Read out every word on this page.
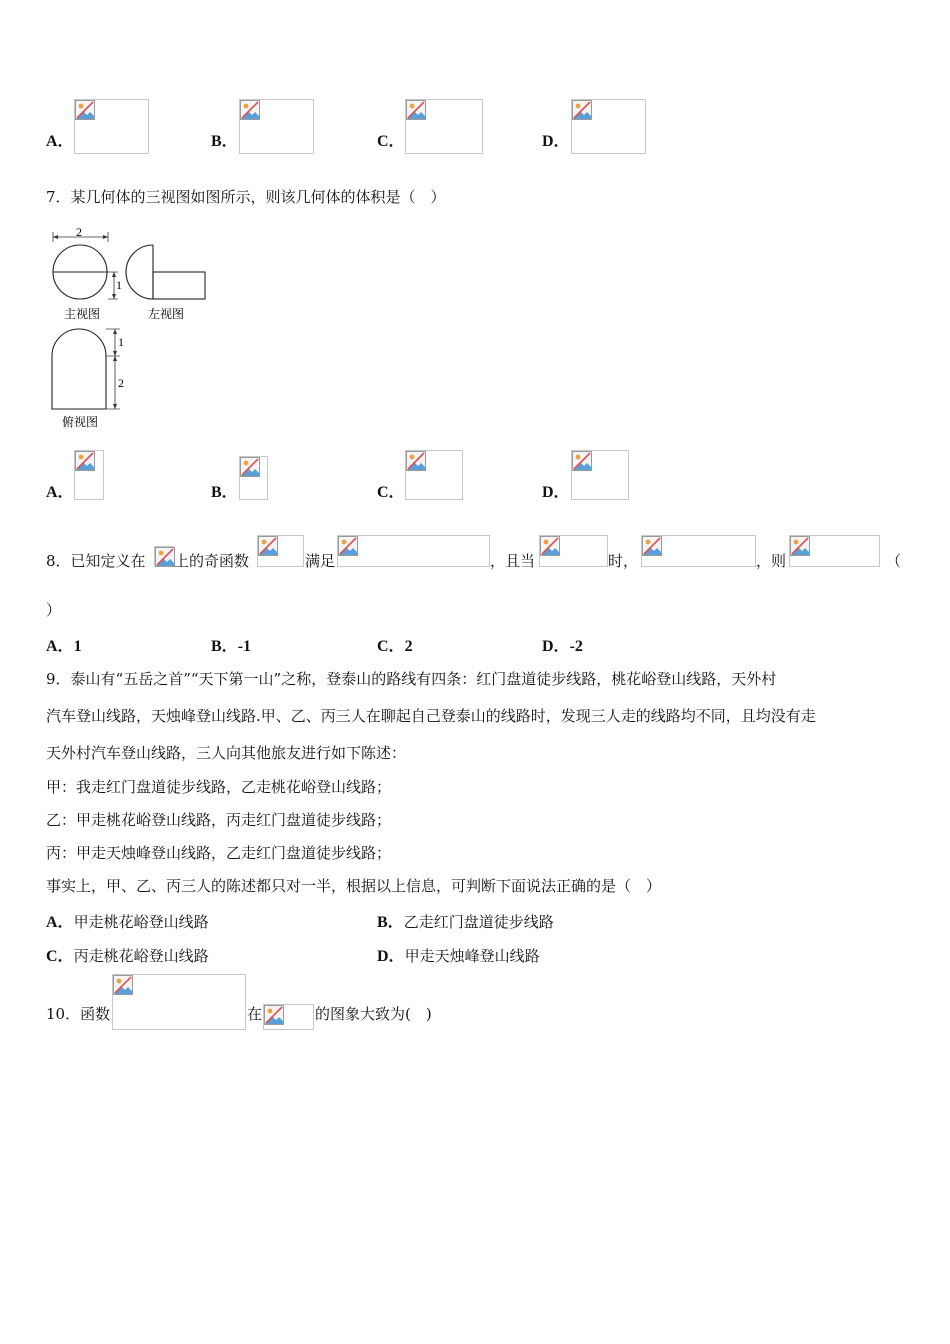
A．	B．	C．	D．
7．某几何体的三视图如图所示，则该几何体的体积是（　）
2
1
主视图	左视图
1
2
俯视图
A．	B．	C．	D．
8．已知定义在 上的奇函数	满足	，且当	时，	，则	（
）
A．1	B．-1	C．2	D．-2
9．泰山有“五岳之首”“天下第一山”之称，登泰山的路线有四条：红门盘道徒步线路，桃花峪登山线路，天外村
汽车登山线路，天烛峰登山线路.甲、乙、丙三人在聊起自己登泰山的线路时，发现三人走的线路均不同，且均没有走
天外村汽车登山线路，三人向其他旅友进行如下陈述：
甲：我走红门盘道徒步线路，乙走桃花峪登山线路；
乙：甲走桃花峪登山线路，丙走红门盘道徒步线路；
丙：甲走天烛峰登山线路，乙走红门盘道徒步线路；
事实上，甲、乙、丙三人的陈述都只对一半，根据以上信息，可判断下面说法正确的是（　）
A．甲走桃花峪登山线路	B．乙走红门盘道徒步线路
C．丙走桃花峪登山线路	D．甲走天烛峰登山线路
10．函数	在	的图象大致为(　)
